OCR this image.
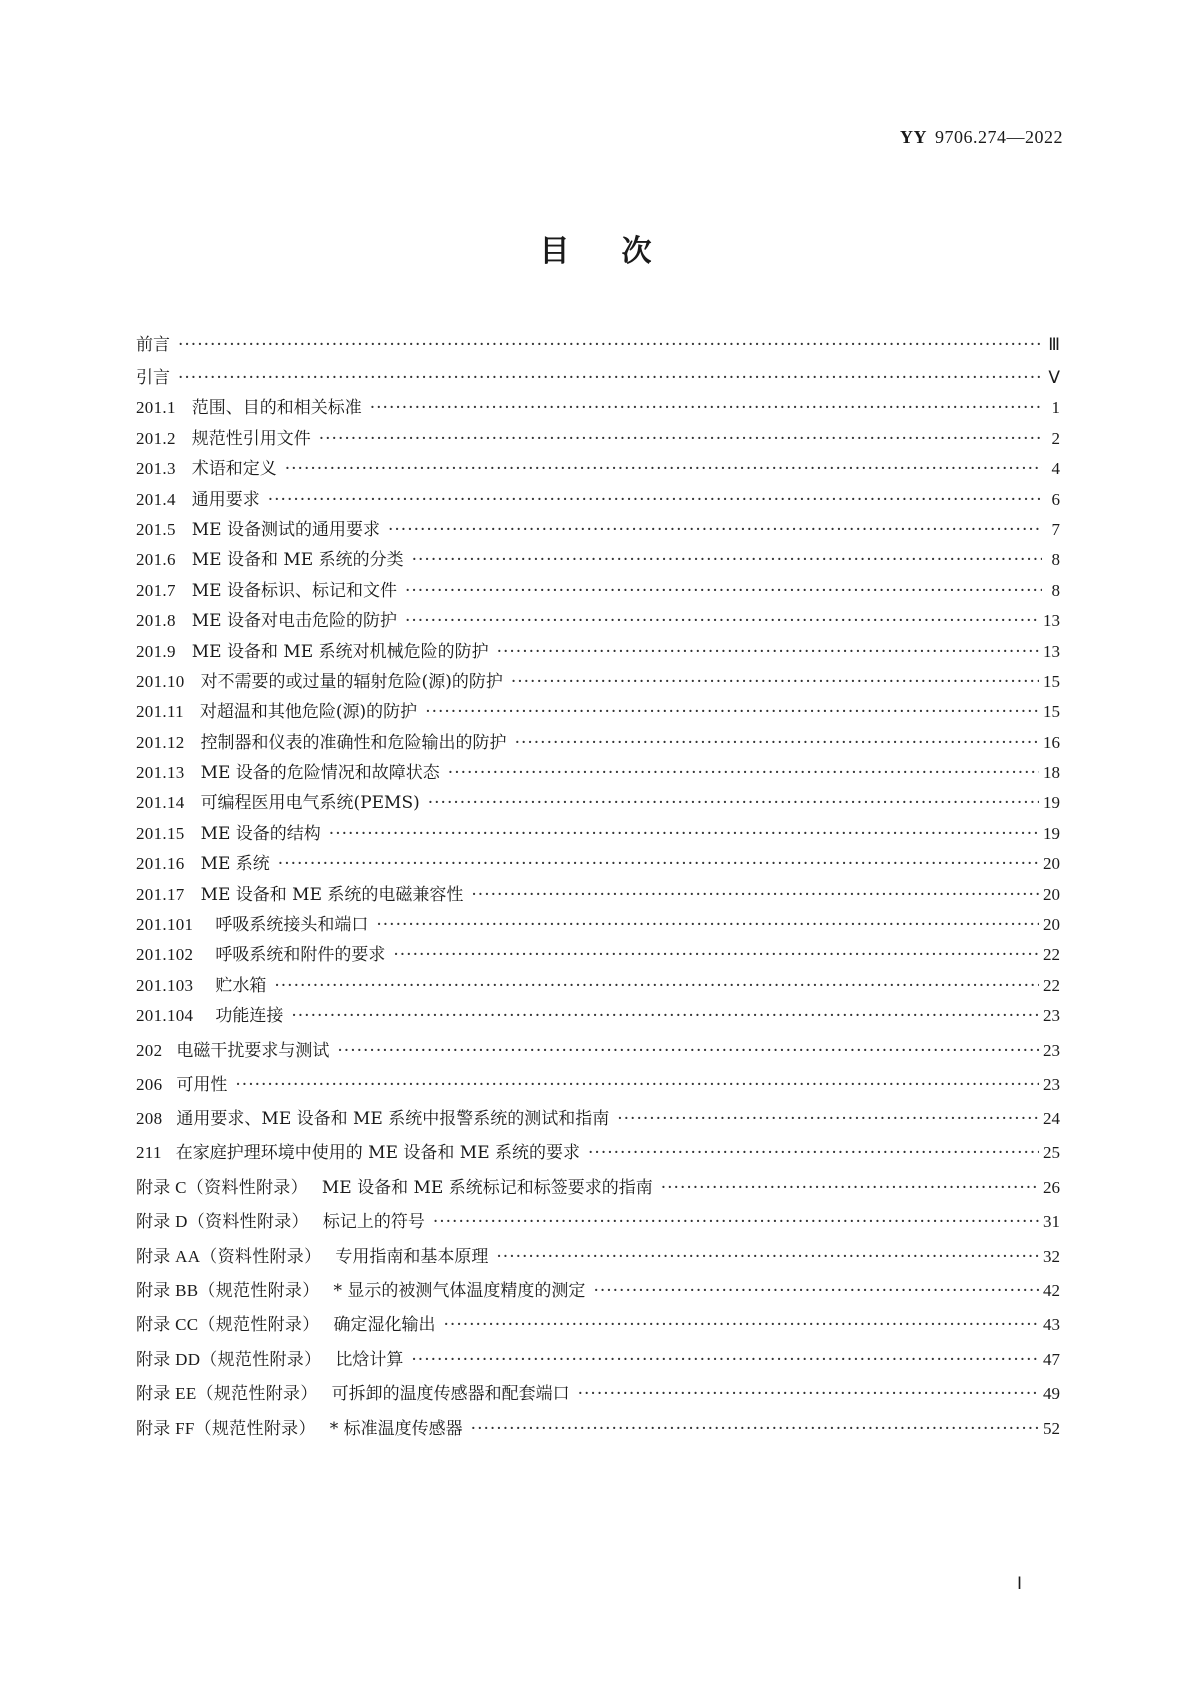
YY 9706.274—2022
目次
前言 ·····	Ⅲ
引言 ·····	Ⅴ
201.1 范围、目的和相关标准 ·····	1
201.2 规范性引用文件 ·····	2
201.3 术语和定义 ·····	4
201.4 通用要求 ·····	6
201.5 ME 设备测试的通用要求 ·····	7
201.6 ME 设备和 ME 系统的分类 ·····	8
201.7 ME 设备标识、标记和文件 ·····	8
201.8 ME 设备对电击危险的防护 ·····	13
201.9 ME 设备和 ME 系统对机械危险的防护 ·····	13
201.10 对不需要的或过量的辐射危险(源)的防护 ·····	15
201.11 对超温和其他危险(源)的防护 ·····	15
201.12 控制器和仪表的准确性和危险输出的防护 ·····	16
201.13 ME 设备的危险情况和故障状态 ·····	18
201.14 可编程医用电气系统(PEMS) ·····	19
201.15 ME 设备的结构 ·····	19
201.16 ME 系统 ·····	20
201.17 ME 设备和 ME 系统的电磁兼容性 ·····	20
201.101 呼吸系统接头和端口 ·····	20
201.102 呼吸系统和附件的要求 ·····	22
201.103 贮水箱 ·····	22
201.104 功能连接 ·····	23
202 电磁干扰要求与测试 ·····	23
206 可用性 ·····	23
208 通用要求、ME 设备和 ME 系统中报警系统的测试和指南 ·····	24
211 在家庭护理环境中使用的 ME 设备和 ME 系统的要求 ·····	25
附录 C（资料性附录） ME 设备和 ME 系统标记和标签要求的指南 ·····	26
附录 D（资料性附录） 标记上的符号 ·····	31
附录 AA（资料性附录） 专用指南和基本原理 ·····	32
附录 BB（规范性附录） * 显示的被测气体温度精度的测定 ·····	42
附录 CC（规范性附录） 确定湿化输出 ·····	43
附录 DD（规范性附录） 比焓计算 ·····	47
附录 EE（规范性附录） 可拆卸的温度传感器和配套端口 ·····	49
附录 FF（规范性附录） * 标准温度传感器 ·····	52
Ⅰ
